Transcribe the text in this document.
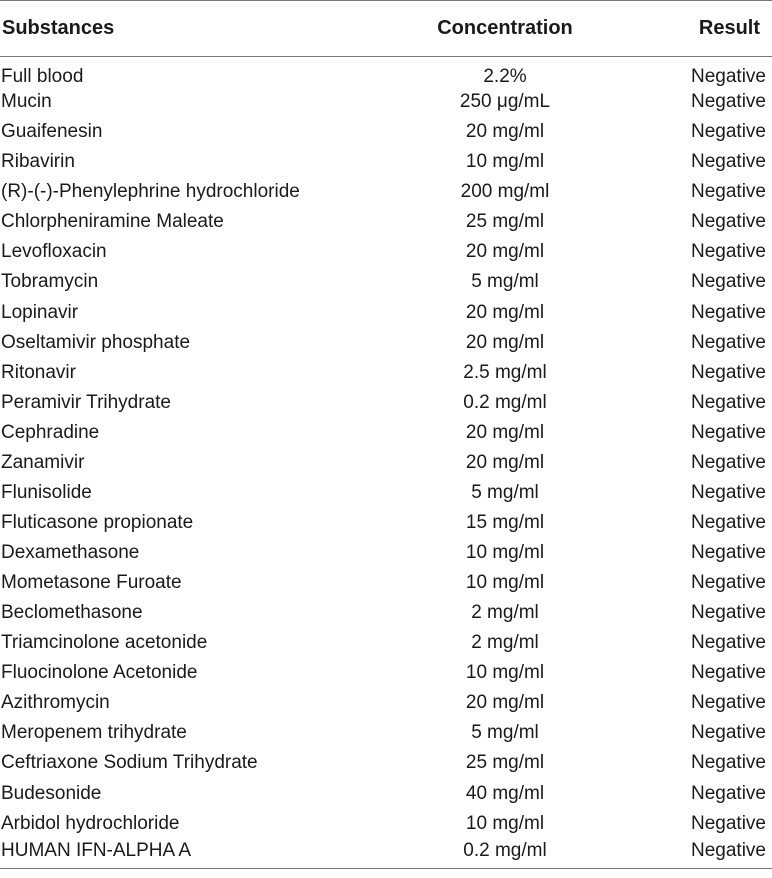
Substances	Concentration	Result
Full blood	2.2%	Negative
Mucin	250 μg/mL	Negative
Guaifenesin	20 mg/ml	Negative
Ribavirin	10 mg/ml	Negative
(R)-(-)-Phenylephrine hydrochloride	200 mg/ml	Negative
Chlorpheniramine Maleate	25 mg/ml	Negative
Levofloxacin	20 mg/ml	Negative
Tobramycin	5 mg/ml	Negative
Lopinavir	20 mg/ml	Negative
Oseltamivir phosphate	20 mg/ml	Negative
Ritonavir	2.5 mg/ml	Negative
Peramivir Trihydrate	0.2 mg/ml	Negative
Cephradine	20 mg/ml	Negative
Zanamivir	20 mg/ml	Negative
Flunisolide	5 mg/ml	Negative
Fluticasone propionate	15 mg/ml	Negative
Dexamethasone	10 mg/ml	Negative
Mometasone Furoate	10 mg/ml	Negative
Beclomethasone	2 mg/ml	Negative
Triamcinolone acetonide	2 mg/ml	Negative
Fluocinolone Acetonide	10 mg/ml	Negative
Azithromycin	20 mg/ml	Negative
Meropenem trihydrate	5 mg/ml	Negative
Ceftriaxone Sodium Trihydrate	25 mg/ml	Negative
Budesonide	40 mg/ml	Negative
Arbidol hydrochloride	10 mg/ml	Negative
HUMAN IFN-ALPHA A	0.2 mg/ml	Negative
